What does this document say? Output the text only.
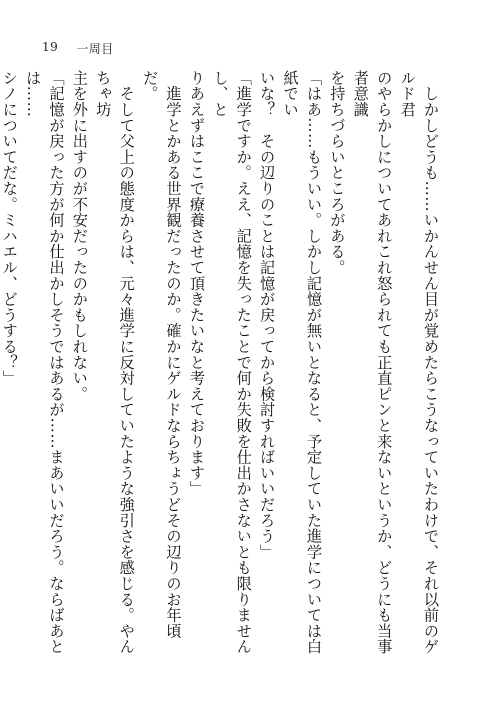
19 一周目

　しかしどうも……いかんせん目が覚めたらこうなっていたわけで、それ以前のゲルド君

のやらかしについてあれこれ怒られても正直ピンと来ないというか、どうにも当事者意識

を持ちづらいところがある。

「はあ……もういい。しかし記憶が無いとなると、予定していた進学については白紙でい

いな？　その辺りのことは記憶が戻ってから検討すればいいだろう」

「進学ですか。ええ、記憶を失ったことで何か失敗を仕出かさないとも限りませんし、と

りあえずはここで療養させて頂きたいなと考えております」

　進学とかある世界観だったのか。確かにゲルドならちょうどその辺りのお年頃だ。

　そして父上の態度からは、元々進学に反対していたような強引さを感じる。やんちゃ坊

主を外に出すのが不安だったのかもしれない。

「記憶が戻った方が何か仕出かしそうではあるが……まあいいだろう。ならばあとは……

シノについてだな。ミハエル、どうする？」
